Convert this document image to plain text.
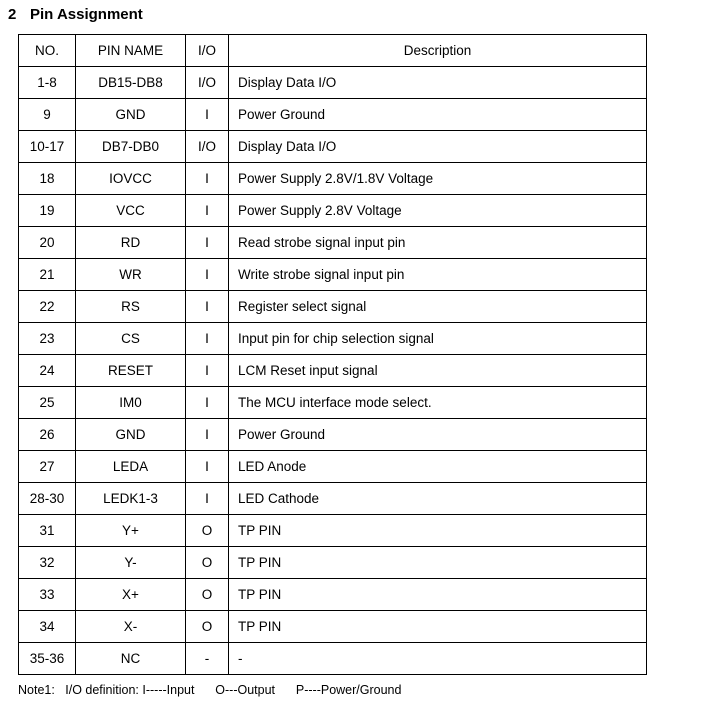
2 Pin Assignment
NO.	PIN NAME	I/O	Description
1-8	DB15-DB8	I/O	Display Data I/O
9	GND	I	Power Ground
10-17	DB7-DB0	I/O	Display Data I/O
18	IOVCC	I	Power Supply 2.8V/1.8V Voltage
19	VCC	I	Power Supply 2.8V Voltage
20	RD	I	Read strobe signal input pin
21	WR	I	Write strobe signal input pin
22	RS	I	Register select signal
23	CS	I	Input pin for chip selection signal
24	RESET	I	LCM Reset input signal
25	IM0	I	The MCU interface mode select.
26	GND	I	Power Ground
27	LEDA	I	LED Anode
28-30	LEDK1-3	I	LED Cathode
31	Y+	O	TP PIN
32	Y-	O	TP PIN
33	X+	O	TP PIN
34	X-	O	TP PIN
35-36	NC	-	-
Note1:   I/O definition: I-----Input      O---Output      P----Power/Ground
